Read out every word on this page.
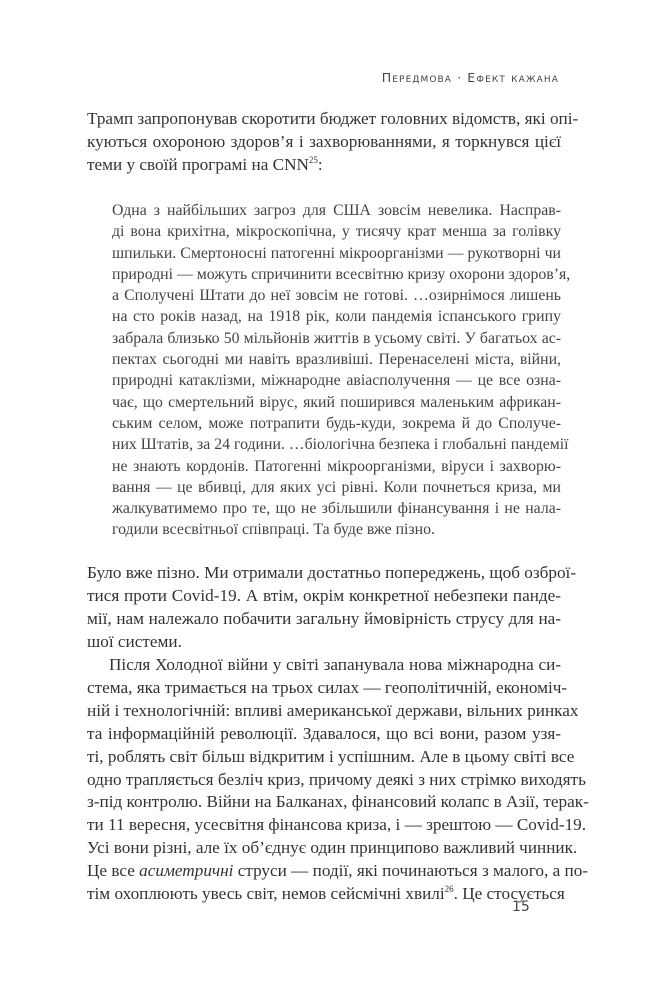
Передмова · Ефект кажана
Трамп запропонував скоротити бюджет головних відомств, які опі-
куються охороною здоров’я і захворюваннями, я торкнувся цієї
теми у своїй програмі на CNN$^{25}$:
Одна з найбільших загроз для США зовсім невелика. Насправ-
ді вона крихітна, мікроскопічна, у тисячу крат менша за голівку
шпильки. Смертоносні патогенні мікроорганізми — рукотворні чи
природні — можуть спричинити всесвітню кризу охорони здоров’я,
а Сполучені Штати до неї зовсім не готові. …озирнімося лишень
на сто років назад, на 1918 рік, коли пандемія іспанського грипу
забрала близько 50 мільйонів життів в усьому світі. У багатьох ас-
пектах сьогодні ми навіть вразливіші. Перенаселені міста, війни,
природні катаклізми, міжнародне авіасполучення — це все озна-
чає, що смертельний вірус, який поширився маленьким африкан-
ським селом, може потрапити будь-куди, зокрема й до Сполуче-
них Штатів, за 24 години. …біологічна безпека і глобальні пандемії
не знають кордонів. Патогенні мікроорганізми, віруси і захворю-
вання — це вбивці, для яких усі рівні. Коли почнеться криза, ми
жалкуватимемо про те, що не збільшили фінансування і не нала-
годили всесвітньої співпраці. Та буде вже пізно.
Було вже пізно. Ми отримали достатньо попереджень, щоб озброї-
тися проти Covid-19. А втім, окрім конкретної небезпеки панде-
мії, нам належало побачити загальну ймовірність струсу для на-
шої системи.
Після Холодної війни у світі запанувала нова міжнародна си-
стема, яка тримається на трьох силах — геополітичній, економіч-
ній і технологічній: впливі американської держави, вільних ринках
та інформаційній революції. Здавалося, що всі вони, разом узя-
ті, роблять світ більш відкритим і успішним. Але в цьому світі все
одно трапляється безліч криз, причому деякі з них стрімко виходять
з-під контролю. Війни на Балканах, фінансовий колапс в Азії, терак-
ти 11 вересня, усесвітня фінансова криза, і — зрештою — Covid-19.
Усі вони різні, але їх об’єднує один принципово важливий чинник.
Це все асиметричні струси — події, які починаються з малого, а по-
тім охоплюють увесь світ, немов сейсмічні хвилі$^{26}$. Це стосується
15
